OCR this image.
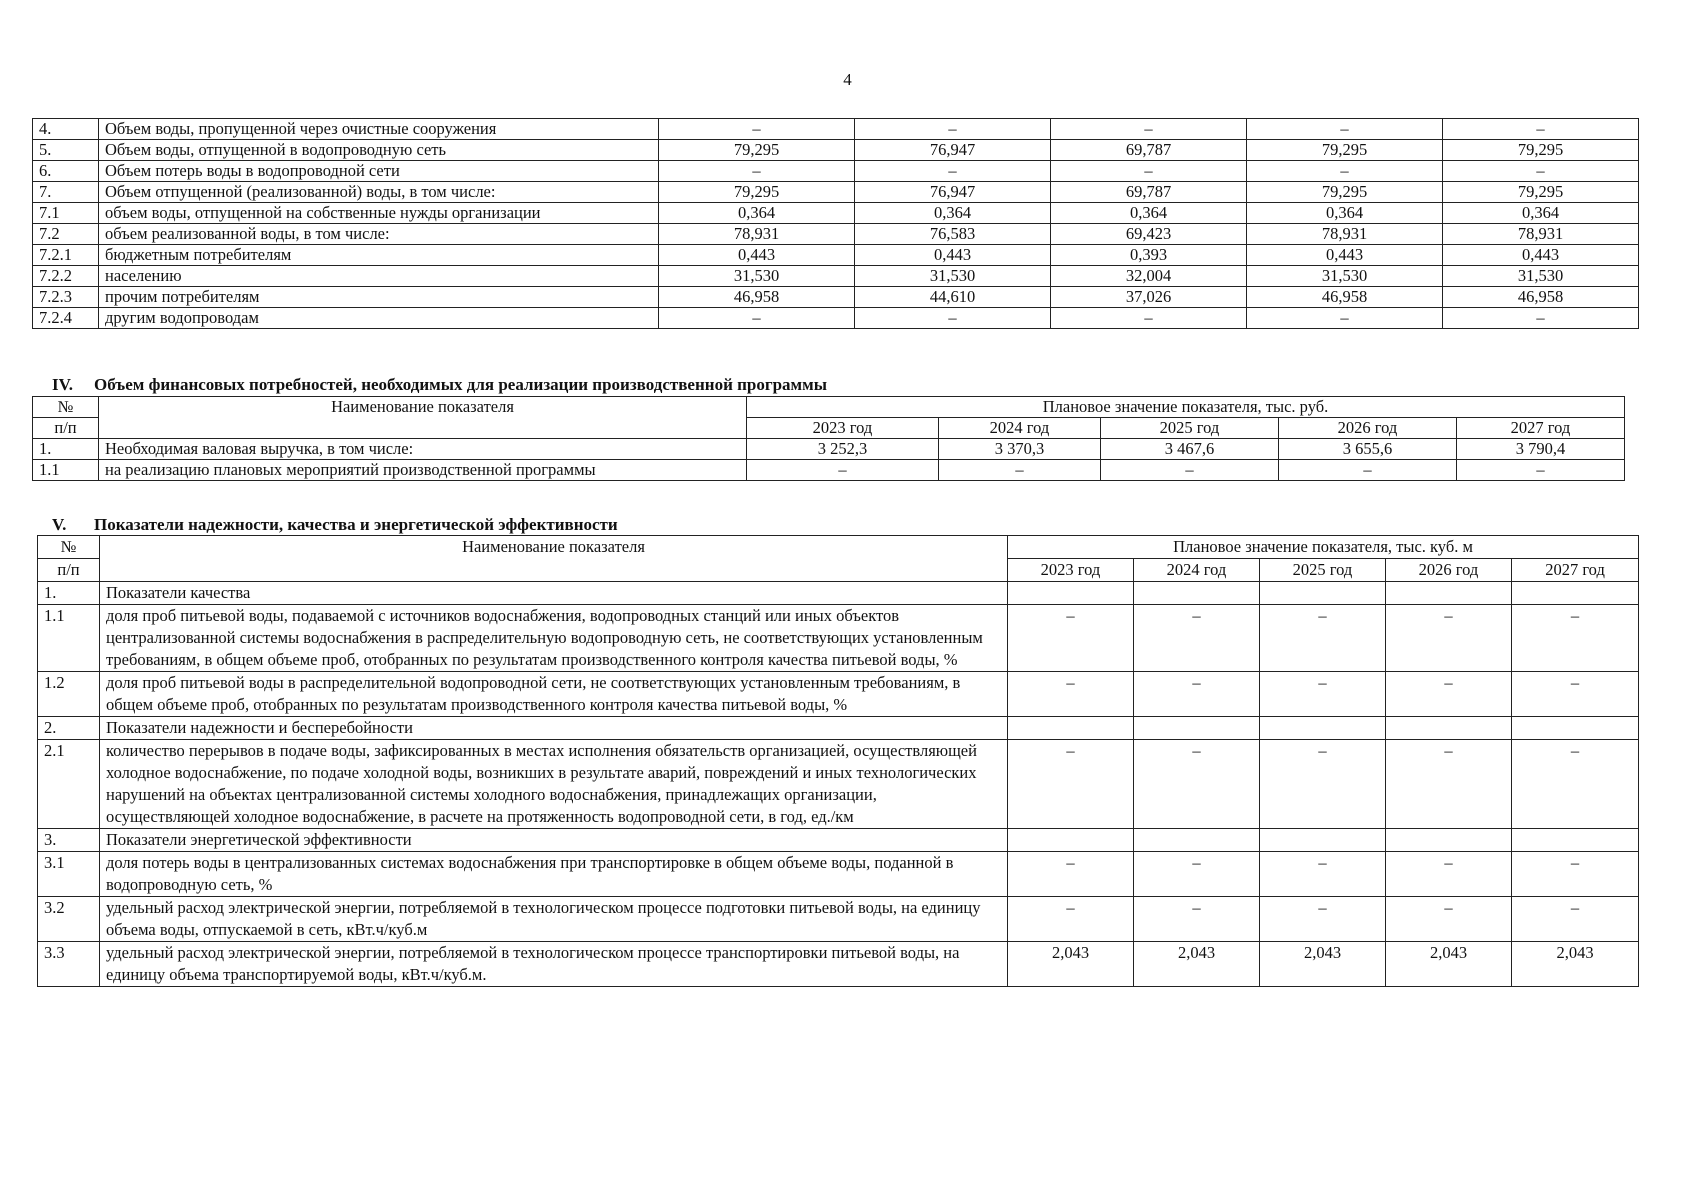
4
4.	Объем воды, пропущенной через очистные сооружения	–	–	–	–	–
5.	Объем воды, отпущенной в водопроводную сеть	79,295	76,947	69,787	79,295	79,295
6.	Объем потерь воды в водопроводной сети	–	–	–	–	–
7.	Объем отпущенной (реализованной) воды, в том числе:	79,295	76,947	69,787	79,295	79,295
7.1	объем воды, отпущенной на собственные нужды организации	0,364	0,364	0,364	0,364	0,364
7.2	объем реализованной воды, в том числе:	78,931	76,583	69,423	78,931	78,931
7.2.1	бюджетным потребителям	0,443	0,443	0,393	0,443	0,443
7.2.2	населению	31,530	31,530	32,004	31,530	31,530
7.2.3	прочим потребителям	46,958	44,610	37,026	46,958	46,958
7.2.4	другим водопроводам	–	–	–	–	–
IV. Объем финансовых потребностей, необходимых для реализации производственной программы
№	Наименование показателя	Плановое значение показателя, тыс. руб.				
п/п		2023 год	2024 год	2025 год	2026 год	2027 год
1.	Необходимая валовая выручка, в том числе:	3 252,3	3 370,3	3 467,6	3 655,6	3 790,4
1.1	на реализацию плановых мероприятий производственной программы	–	–	–	–	–
V. Показатели надежности, качества и энергетической эффективности
№	Наименование показателя	Плановое значение показателя, тыс. куб. м				
п/п		2023 год	2024 год	2025 год	2026 год	2027 год
1.	Показатели качества					
1.1	доля проб питьевой воды, подаваемой с источников водоснабжения, водопроводных станций или иных объектов централизованной системы водоснабжения в распределительную водопроводную сеть, не соответствующих установленным требованиям, в общем объеме проб, отобранных по результатам производственного контроля качества питьевой воды, %	–	–	–	–	–
1.2	доля проб питьевой воды в распределительной водопроводной сети, не соответствующих установленным требованиям, в общем объеме проб, отобранных по результатам производственного контроля качества питьевой воды, %	–	–	–	–	–
2.	Показатели надежности и бесперебойности					
2.1	количество перерывов в подаче воды, зафиксированных в местах исполнения обязательств организацией, осуществляющей холодное водоснабжение, по подаче холодной воды, возникших в результате аварий, повреждений и иных технологических нарушений на объектах централизованной системы холодного водоснабжения, принадлежащих организации, осуществляющей холодное водоснабжение, в расчете на протяженность водопроводной сети, в год, ед./км	–	–	–	–	–
3.	Показатели энергетической эффективности					
3.1	доля потерь воды в централизованных системах водоснабжения при транспортировке в общем объеме воды, поданной в водопроводную сеть, %	–	–	–	–	–
3.2	удельный расход электрической энергии, потребляемой в технологическом процессе подготовки питьевой воды, на единицу объема воды, отпускаемой в сеть, кВт.ч/куб.м	–	–	–	–	–
3.3	удельный расход электрической энергии, потребляемой в технологическом процессе транспортировки питьевой воды, на единицу объема транспортируемой воды, кВт.ч/куб.м.	2,043	2,043	2,043	2,043	2,043
